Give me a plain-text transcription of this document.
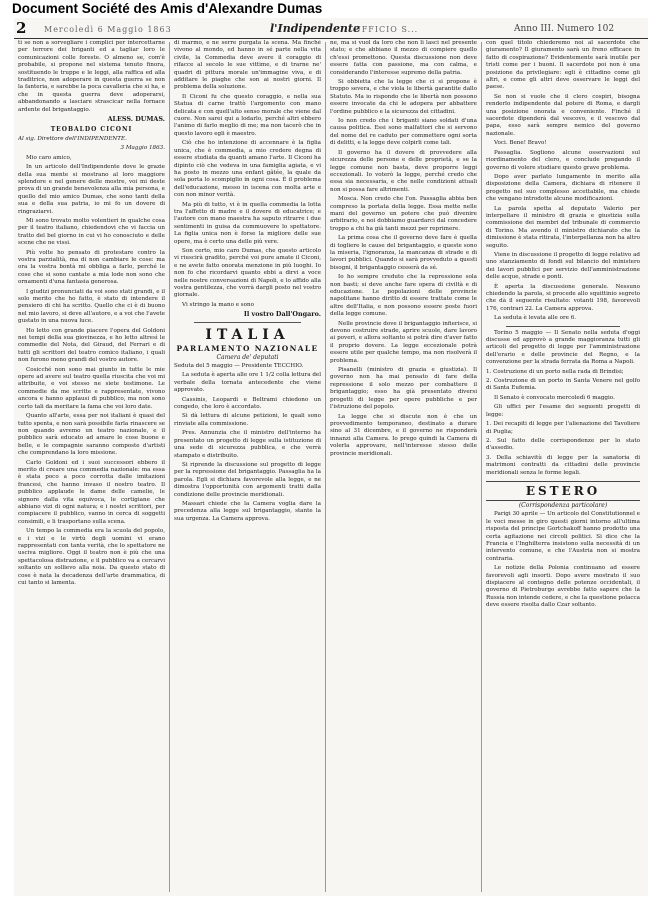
Document Société des Amis d'Alexandre Dumas
2 Mercoledì 6 Maggio 1863	l'Indipendente
UFFICIO S...	Anno III. Numero 102

ti se non a sorvegliare i complici per intercettarne per terrore dei briganti ed a tagliar loro le comunicazioni colle foreste. O almeno se, com'è probabile, si propone nel sistema tenuto finora, sostituendo le truppe e le leggi, alla raffica ed alla traditrice, non adoperare in questa guerra se non la fanteria, e sarebbe la poca cavalleria che si ha, e che in questa guerra deve adoperarsi, abbandonando a lasciare strascicar nella fornace ardente del brigantaggio.

ALESS. DUMAS.
TEOBALDO CICONI
Al sig. Direttore dell'INDIPENDENTE.
3 Maggio 1863.

Mio caro amico,

In un articolo dell'Indipendente dove le grazie della sua mente si mostrano al loro maggiore splendore e nel genere delle mostre, voi mi deste prova di un grande benevolenza alla mia persona, e quello del mio amico Dumas, che sono tanti della sua e della sua patria, io mi fo un dovere di ringraziarvi.

Mi sono trovato molto volentieri in qualche cosa per il teatro italiano, chiedendovi che vi faccia un tratto del bel giorno in cui vi ho conosciuto e delle scene che ne vissi.

Più volte ho pensato di protestare contro la vostra parzialità, ma di non cambiare le cose: ma ora la vostra bontà mi obbliga a farlo, perché le cose che si sono cantate a mia lode non sono che ornamenti d'una fantasia generosa.

I giudizi pronunciati da voi sono stati grandi, e il solo merito che ho fatto, è stato di intendere il pensiero di chi ha scritto. Quello che ci è di buono nel mio lavoro, si deve all'autore, e a voi che l'avete gustato in una nuova luce.

Ho letto con grande piacere l'opera del Goldoni nei tempi della sua giovinezza, e ho letto altresì le commedie del Nota, del Giraud, del Ferrari e di tutti gli scrittori del teatro comico italiano, i quali non furono meno grandi del vostro autore.

Cosicché non sono mai giunto in tutte le mie opere ad avere sul teatro quella riuscita che voi mi attribuite, e voi stesso ne siete testimone. Le commedie da me scritte e rappresentate, vivono ancora e hanno applausi di pubblico, ma non sono certo tali da meritare la fama che voi loro date.

Quanto all'arte, essa per noi italiani è quasi del tutto spenta, e non sarà possibile farla rinascere se non quando avremo un teatro nazionale, e il pubblico sarà educato ad amare le cose buone e belle, e le compagnie saranno composte d'artisti che comprendano la loro missione.

Carlo Goldoni ed i suoi successori ebbero il merito di creare una commedia nazionale: ma essa è stata poco a poco corrotta dalle imitazioni francesi, che hanno invaso il nostro teatro. Il pubblico applaude le dame delle camelie, le signore dalla vita equivoca, le cortigiane che abbiano vizi di ogni natura; e i nostri scrittori, per compiacere il pubblico, vanno in cerca di soggetti consimili, e li trasportano sulla scena.

Un tempo la commedia era la scuola del popolo, e i vizi e le virtù degli uomini vi erano rappresentati con tanta verità, che lo spettatore ne usciva migliore. Oggi il teatro non è più che una spettacolosa distrazione, e il pubblico va a cercarvi soltanto un sollievo alla noia. Da questo stato di cose è nata la decadenza dell'arte drammatica, di cui tanto si lamenta.

di marmo, e ne serre purgata la scena. Ma finché vivono al mondo, ed hanno in sé parte nella vita civile, la Commedia deve avere il coraggio di rifacce al secolo le sue vittime, e di trarne ne' quadri di pittura morale un'immagine viva, e di additare le piaghe che son ai nostri giorni. Il problema della soluzione.

Il Ciconi fu che questo coraggio, e nella sua Statua di carne trattò l'argomento con mano delicata e con quell'alto senso morale che viene dal cuore. Non sarei qui a lodarlo, perché altri ebbero l'animo di farlo meglio di me; ma non tacerò che in questo lavoro egli è maestro.

Ciò che ho intenzione di accennare è la figlia unica, che è commedia, a mio credere degna di essere studiata da quanti amano l'arte. Il Ciconi ha dipinto ciò che vedeva in una famiglia agiata, e vi ha posto in mezzo una enfant gâtée, la quale da sola porta lo scompiglio in ogni cosa. È il problema dell'educazione, messo in iscena con molta arte e con non minor verità.

Ma più di tutto, vi è in quella commedia la lotta tra l'affetto di madre e il dovere di educatrice; e l'autore con mano maestra ha saputo ritrarre i due sentimenti in guisa da commuovere lo spettatore. La figlia unica non è forse la migliore delle sue opere, ma è certo una delle più vere.

Son certo, mio caro Dumas, che questo articolo vi riuscirà gradito, perché voi pure amate il Ciconi, e ne avete fatto onorata menzione in più luoghi. Io non fo che ricordarvi quanto ebbi a dirvi a voce nelle nostre conversazioni di Napoli, e lo affido alla vostra gentilezza, che vorrà dargli posto nel vostro giornale.

Vi stringo la mano e sono

Il vostro Dall'Ongaro.
ITALIA
PARLAMENTO NAZIONALE
Camera de' deputati

Seduta del 5 maggio — Presidente TECCHIO.

La seduta è aperta alle ore 1 1/2 colla lettura del verbale della tornata antecedente che viene approvato.

Cassinis, Leopardi e Beltrami chiedono un congedo, che loro è accordato.

Si dà lettura di alcune petizioni, le quali sono rinviate alla commissione.

Pres. Annunzia che il ministro dell'interno ha presentato un progetto di legge sulla istituzione di una sede di sicurezza pubblica, e che verrà stampato e distribuito.

Si riprende la discussione sul progetto di legge per la repressione del brigantaggio. Passaglia ha la parola. Egli si dichiara favorevole alla legge, e ne dimostra l'opportunità con argomenti tratti dalla condizione delle provincie meridionali.

Massari chiede che la Camera voglia dare la precedenza alla legge sul brigantaggio, stante la sua urgenza. La Camera approva.

ne, ma si vuol da loro che non li lasci nel presente stato; e che abbiano il mezzo di compiere quello ch'essi promettono. Questa discussione non deve essere fatta con passione, ma con calma, e considerando l'interesse supremo della patria.

Si obbietta che la legge che ci si propone è troppo severa, e che viola le libertà garantite dallo Statuto. Ma io rispondo che le libertà non possono essere invocate da chi le adopera per abbattere l'ordine pubblico e la sicurezza dei cittadini.

Io non credo che i briganti siano soldati d'una causa politica. Essi sono malfattori che si servono del nome del re caduto per commettere ogni sorta di delitti, e la legge deve colpirli come tali.

Il governo ha il dovere di provvedere alla sicurezza delle persone e delle proprietà, e se la legge comune non basta, deve proporre leggi eccezionali. Io voterò la legge, perché credo che essa sia necessaria, e che nelle condizioni attuali non si possa fare altrimenti.

Mosca. Non credo che l'on. Passaglia abbia ben compreso la portata della legge. Essa mette nelle mani del governo un potere che può divenire arbitrario, e noi dobbiamo guardarci dal concedere troppo a chi ha già tanti mezzi per reprimere.

La prima cosa che il governo deve fare è quella di togliere le cause del brigantaggio, e queste sono la miseria, l'ignoranza, la mancanza di strade e di lavori pubblici. Quando si sarà provveduto a questi bisogni, il brigantaggio cesserà da sé.

Io ho sempre creduto che la repressione sola non basti; si deve anche fare opera di civiltà e di educazione. Le popolazioni delle provincie napolitane hanno diritto di essere trattate come le altre dell'Italia, e non possono essere poste fuori della legge comune.

Nelle provincie dove il brigantaggio infierisce, si devono costruire strade, aprire scuole, dare lavoro ai poveri, e allora soltanto si potrà dire d'aver fatto il proprio dovere. La legge eccezionale potrà essere utile per qualche tempo, ma non risolverà il problema.

Pisanelli (ministro di grazia e giustizia). Il governo non ha mai pensato di fare della repressione il solo mezzo per combattere il brigantaggio; esso ha già presentato diversi progetti di legge per opere pubbliche e per l'istruzione del popolo.

La legge che si discute non è che un provvedimento temporaneo, destinato a durare sino al 31 dicembre, e il governo ne risponderà innanzi alla Camera. Io prego quindi la Camera di volerla approvare, nell'interesse stesso delle provincie meridionali.

con quel titolo chiederemo noi al sacerdote che giuramento? Il giuramento sarà un freno efficace in fatto di cospirazione? Evidentemente sarà inutile per tristi come per i buoni. Il sacerdote poi non è una posizione da privilegiare: egli è cittadino come gli altri, e come gli altri deve osservare le leggi del paese.

Se non si vuole che il clero cospiri, bisogna renderlo indipendente dal potere di Roma, e dargli una posizione onorata e conveniente. Finché il sacerdote dipenderà dal vescovo, e il vescovo dal papa, esso sarà sempre nemico del governo nazionale.

Voci. Bene! Bravo!

Passaglia. Sogliono alcune osservazioni sul riordinamento del clero, e conclude pregando il governo di volere studiare questo grave problema.

Dopo aver parlato lungamente in merito alla disposizione della Camera, dichiara di ritenere il progetto nel suo complesso accettabile, ma chiede che vengano introdotte alcune modificazioni.

La parola spetta al deputato Valerio per interpellare il ministro di grazia e giustizia sulla commissione dei membri del tribunale di commercio di Torino. Ma avendo il ministro dichiarato che la dimissione è stata ritirata, l'interpellanza non ha altro seguito.

Viene in discussione il progetto di legge relativo ad uno stanziamento di fondi sul bilancio del ministero dei lavori pubblici per servizio dell'amministrazione delle acque, strade e ponti.

È aperta la discussione generale. Nessuno chiedendo la parola, si procede allo squittinio segreto che dà il seguente risultato: votanti 198, favorevoli 176, contrari 22. La Camera approva.

La seduta è levata alle ore 6.

Torino 5 maggio — Il Senato nella seduta d'oggi discusse ed approvò a grande maggioranza tutti gli articoli del progetto di legge per l'amministrazione dell'erario e delle provincie del Regno, e la convenzione per la strada ferrata da Roma a Napoli.

1. Costruzione di un porto nella rada di Brindisi;

2. Costruzione di un porto in Santa Venere nel golfo di Santa Eufemia.

Il Senato è convocato mercoledì 6 maggio.

Gli uffici per l'esame dei seguenti progetti di legge:

1. Dei recapiti di legge per l'alienazione del Tavoliere di Puglia;

2. Sul fatto delle corrispondenze per lo stato d'assedio.

3. Della schiavitù di legge per la sanatoria di matrimoni contratti da cittadini delle provincie meridionali senza le forme legali.

ESTERO
(Corrispondenza particolare)

Parigi 30 aprile — Un articolo del Constitutionnel e le voci messe in giro questi giorni intorno all'ultima risposta del principe Gortchakoff hanno prodotto una certa agitazione nei circoli politici. Si dice che la Francia e l'Inghilterra insistono sulla necessità di un intervento comune, e che l'Austria non si mostra contraria.

Le notizie della Polonia continuano ad essere favorevoli agli insorti. Dopo avere mostrato il suo dispiacere al contegno delle potenze occidentali, il governo di Pietroburgo avrebbe fatto sapere che la Russia non intende cedere, e che la questione polacca deve essere risolta dallo Czar soltanto.
